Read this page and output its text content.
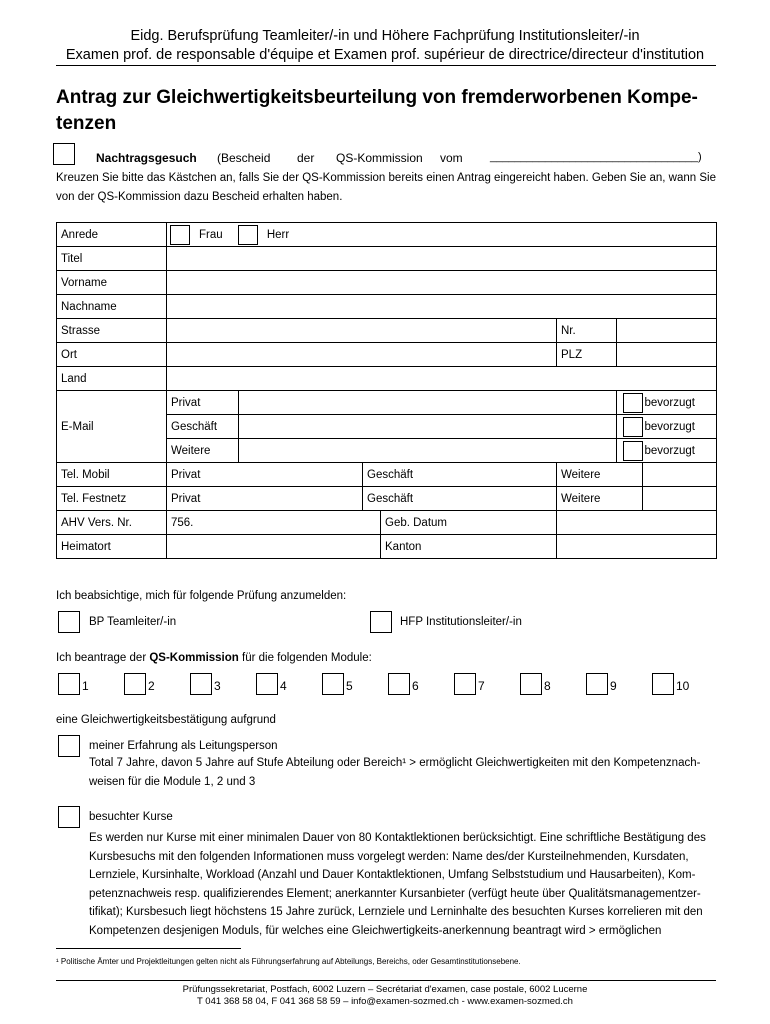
Eidg. Berufsprüfung Teamleiter/-in und Höhere Fachprüfung Institutionsleiter/-in
Examen prof. de responsable d'équipe et Examen prof. supérieur de directrice/directeur d'institution
Antrag zur Gleichwertigkeitsbeurteilung von fremderworbenen Kompe-
tenzen
Nachtragsgesuch (Bescheid der QS-Kommission vom __________________________________)
Kreuzen Sie bitte das Kästchen an, falls Sie der QS-Kommission bereits einen Antrag eingereicht haben. Geben Sie an, wann Sie von der QS-Kommission dazu Bescheid erhalten haben.
Anrede	Frau Herr						
Titel							
Vorname							
Nachname							
Strasse					Nr.		
Ort					PLZ		
Land							
E-Mail	Privat						bevorzugt
	Geschäft						bevorzugt
	Weitere						bevorzugt
Tel. Mobil	Privat		Geschäft		Weitere		
Tel. Festnetz	Privat		Geschäft		Weitere		
AHV Vers. Nr.	756.			Geb. Datum			
Heimatort				Kanton			
Ich beabsichtige, mich für folgende Prüfung anzumelden:
BP Teamleiter/-in	HFP Institutionsleiter/-in
Ich beantrage der QS-Kommission für die folgenden Module:
1	2	3	4	5	6	7	8	9	10
eine Gleichwertigkeitsbestätigung aufgrund
meiner Erfahrung als Leitungsperson
Total 7 Jahre, davon 5 Jahre auf Stufe Abteilung oder Bereich¹ > ermöglicht Gleichwertigkeiten mit den Kompetenznach-
weisen für die Module 1, 2 und 3
besuchter Kurse
Es werden nur Kurse mit einer minimalen Dauer von 80 Kontaktlektionen berücksichtigt. Eine schriftliche Bestätigung des
Kursbesuchs mit den folgenden Informationen muss vorgelegt werden: Name des/der Kursteilnehmenden, Kursdaten,
Lernziele, Kursinhalte, Workload (Anzahl und Dauer Kontaktlektionen, Umfang Selbststudium und Hausarbeiten), Kom-
petenznachweis resp. qualifizierendes Element; anerkannter Kursanbieter (verfügt heute über Qualitätsmanagementzer-
tifikat); Kursbesuch liegt höchstens 15 Jahre zurück, Lernziele und Lerninhalte des besuchten Kurses korrelieren mit den
Kompetenzen desjenigen Moduls, für welches eine Gleichwertigkeits-anerkennung beantragt wird > ermöglichen
¹ Politische Ämter und Projektleitungen gelten nicht als Führungserfahrung auf Abteilungs, Bereichs, oder Gesamtinstitutionsebene.
Prüfungssekretariat, Postfach, 6002 Luzern – Secrétariat d'examen, case postale, 6002 Lucerne
T 041 368 58 04, F 041 368 58 59 – info@examen-sozmed.ch - www.examen-sozmed.ch
